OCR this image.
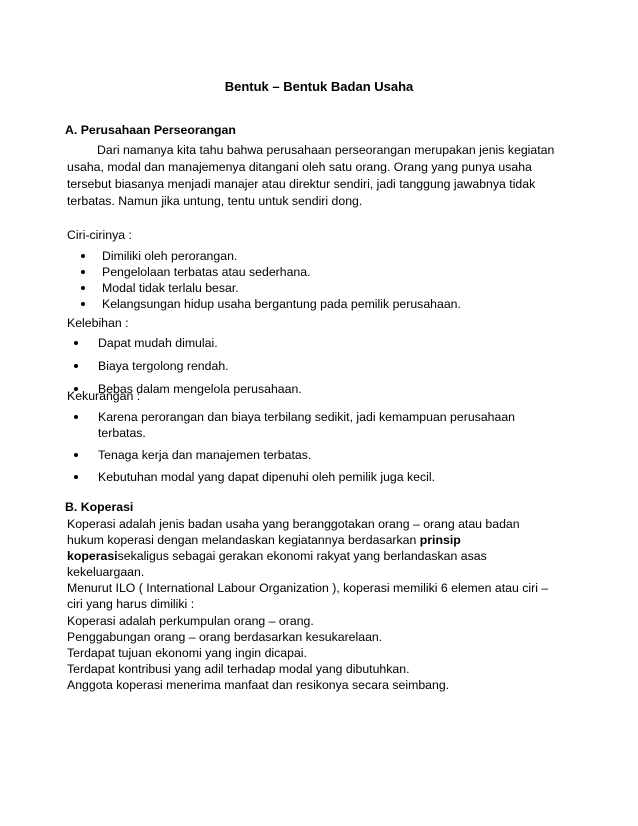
Bentuk – Bentuk Badan Usaha
A. Perusahaan Perseorangan

Dari namanya kita tahu bahwa perusahaan perseorangan merupakan jenis kegiatan usaha, modal dan manajemenya ditangani oleh satu orang. Orang yang punya usaha tersebut biasanya menjadi manajer atau direktur sendiri, jadi tanggung jawabnya tidak terbatas. Namun jika untung, tentu untuk sendiri dong.

Ciri-cirinya :
Dimiliki oleh perorangan.
Pengelolaan terbatas atau sederhana.
Modal tidak terlalu besar.
Kelangsungan hidup usaha bergantung pada pemilik perusahaan.
Kelebihan :
Dapat mudah dimulai.
Biaya tergolong rendah.
Bebas dalam mengelola perusahaan.
Kekurangan :
Karena perorangan dan biaya terbilang sedikit, jadi kemampuan perusahaan terbatas.
Tenaga kerja dan manajemen terbatas.
Kebutuhan modal yang dapat dipenuhi oleh pemilik juga kecil.
B. Koperasi

Koperasi adalah jenis badan usaha yang beranggotakan orang – orang atau badan hukum koperasi dengan melandaskan kegiatannya berdasarkan prinsip koperasisekaligus sebagai gerakan ekonomi rakyat yang berlandaskan asas kekeluargaan.

Menurut ILO ( International Labour Organization ), koperasi memiliki 6 elemen atau ciri – ciri yang harus dimiliki :

Koperasi adalah perkumpulan orang – orang.
Penggabungan orang – orang berdasarkan kesukarelaan.
Terdapat tujuan ekonomi yang ingin dicapai.
Terdapat kontribusi yang adil terhadap modal yang dibutuhkan.
Anggota koperasi menerima manfaat dan resikonya secara seimbang.
